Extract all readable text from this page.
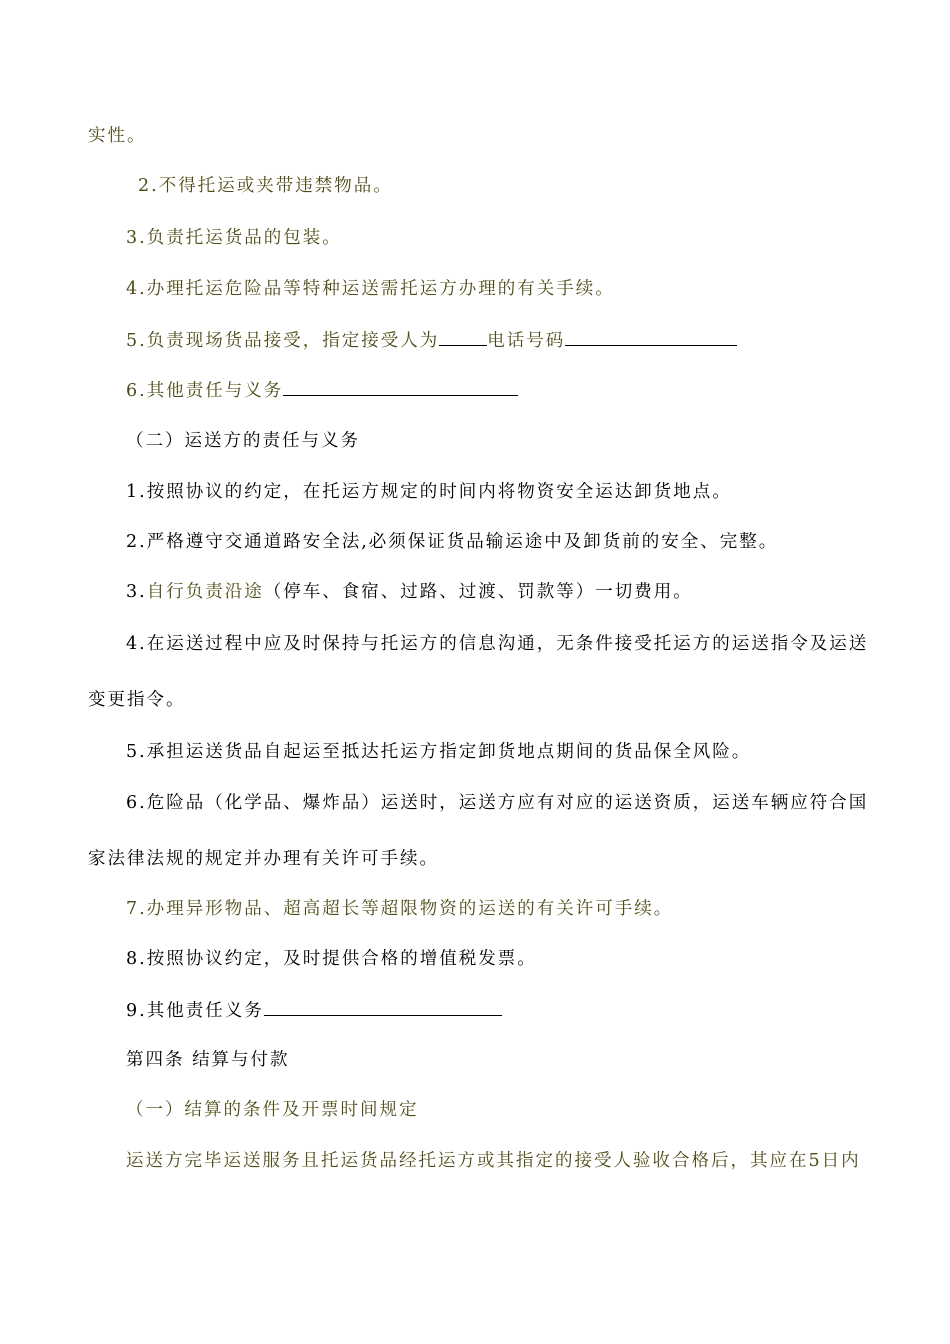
实性。

2.不得托运或夹带违禁物品。

3.负责托运货品的包装。

4.办理托运危险品等特种运送需托运方办理的有关手续。

5.负责现场货品接受，指定接受人为	电话号码

6.其他责任与义务

（二）运送方的责任与义务

1.按照协议的约定，在托运方规定的时间内将物资安全运达卸货地点。

2.严格遵守交通道路安全法,必须保证货品输运途中及卸货前的安全、完整。

3.自行负责沿途（停车、食宿、过路、过渡、罚款等）一切费用。

4.在运送过程中应及时保持与托运方的信息沟通，无条件接受托运方的运送指令及运送

变更指令。

5.承担运送货品自起运至抵达托运方指定卸货地点期间的货品保全风险。

6.危险品（化学品、爆炸品）运送时，运送方应有对应的运送资质，运送车辆应符合国

家法律法规的规定并办理有关许可手续。

7.办理异形物品、超高超长等超限物资的运送的有关许可手续。

8.按照协议约定，及时提供合格的增值税发票。

9.其他责任义务

第四条 结算与付款

（一）结算的条件及开票时间规定

运送方完毕运送服务且托运货品经托运方或其指定的接受人验收合格后，其应在5日内
